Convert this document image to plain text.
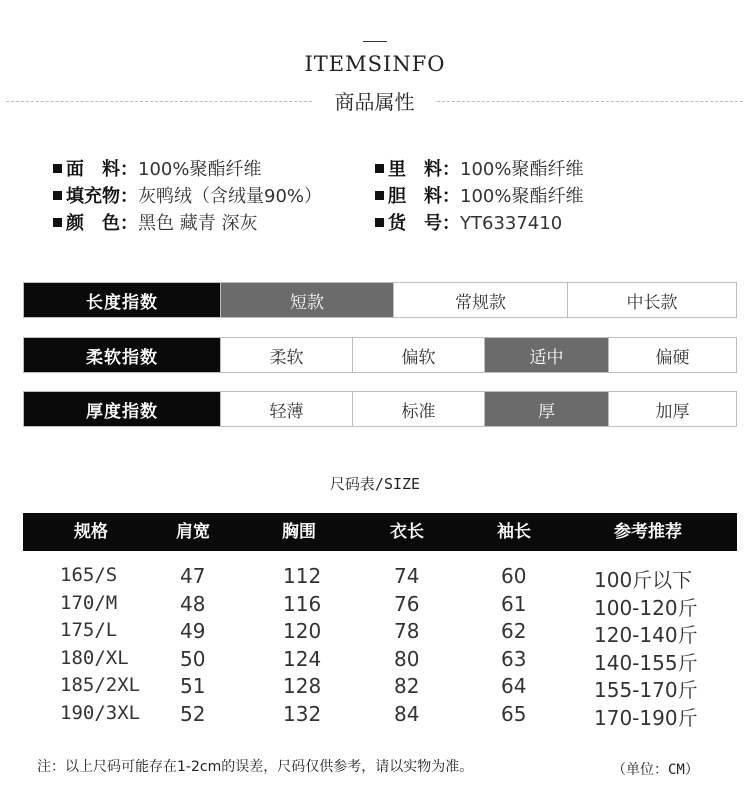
ITEMSINFO
商品属性
面　料：100%聚酯纤维
填充物：灰鸭绒（含绒量90%）
颜　色：黑色 藏青 深灰
里　料：100%聚酯纤维
胆　料：100%聚酯纤维
货　号：YT6337410
长度指数	短款	常规款	中长款
柔软指数	柔软	偏软	适中	偏硬
厚度指数	轻薄	标准	厚	加厚
尺码表/SIZE
规格	肩宽	胸围	衣长	袖长	参考推荐
165/S	47	112	74	60	100斤以下
170/M	48	116	76	61	100-120斤
175/L	49	120	78	62	120-140斤
180/XL	50	124	80	63	140-155斤
185/2XL 51	128	82	64	155-170斤
190/3XL 52	132	84	65	170-190斤
注：以上尺码可能存在1-2cm的误差，尺码仅供参考，请以实物为准。	（单位：CM）
